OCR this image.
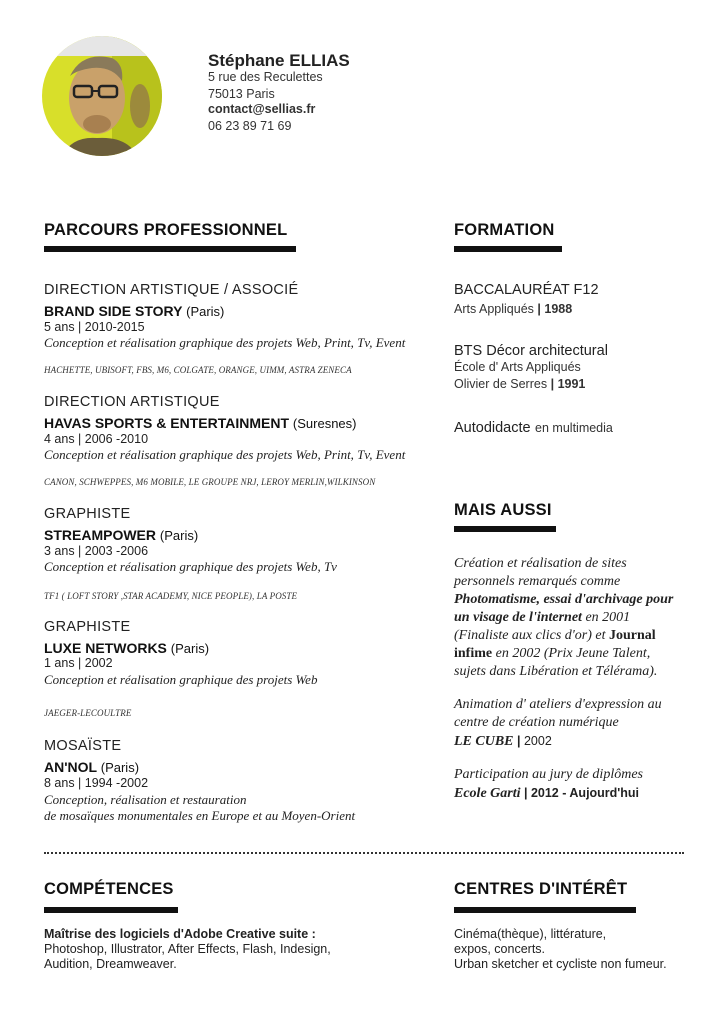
Stéphane ELLIAS
5 rue des Reculettes
75013 Paris
contact@sellias.fr
06 23 89 71 69
PARCOURS PROFESSIONNEL
DIRECTION ARTISTIQUE / ASSOCIÉ
BRAND SIDE STORY (Paris)
5 ans | 2010-2015
Conception et réalisation graphique des projets Web, Print, Tv, Event
HACHETTE, UBISOFT, FBS, M6, COLGATE, ORANGE, UIMM, ASTRA ZENECA
DIRECTION ARTISTIQUE
HAVAS SPORTS & ENTERTAINMENT (Suresnes)
4 ans | 2006 -2010
Conception et réalisation graphique des projets Web, Print, Tv, Event
CANON, SCHWEPPES, M6 MOBILE, LE GROUPE NRJ, LEROY MERLIN,WILKINSON
GRAPHISTE
STREAMPOWER (Paris)
3 ans | 2003 -2006
Conception et réalisation graphique des projets Web, Tv
TF1 ( LOFT STORY ,STAR ACADEMY, NICE PEOPLE), LA POSTE
GRAPHISTE
LUXE NETWORKS (Paris)
1 ans | 2002
Conception et réalisation graphique des projets Web
JAEGER-LECOULTRE
MOSAÏSTE
AN'NOL (Paris)
8 ans | 1994 -2002
Conception, réalisation et restauration
de mosaïques monumentales en Europe et au Moyen-Orient
FORMATION
BACCALAURÉAT F12
Arts Appliqués | 1988
BTS Décor architectural
École d' Arts Appliqués
Olivier de Serres | 1991
Autodidacte en multimedia
MAIS AUSSI
Création et réalisation de sites personnels remarqués comme Photomatisme, essai d'archivage pour un visage de l'internet en 2001 (Finaliste aux clics d'or) et Journal infime en 2002 (Prix Jeune Talent, sujets dans Libération et Télérama).
Animation d' ateliers d'expression au centre de création numérique
LE CUBE | 2002
Participation au jury de diplômes
Ecole Garti | 2012 - Aujourd'hui
COMPÉTENCES
Maîtrise des logiciels d'Adobe Creative suite :
Photoshop, Illustrator, After Effects, Flash, Indesign,
Audition, Dreamweaver.
CENTRES D'INTÉRÊT
Cinéma(thèque), littérature,
expos, concerts.
Urban sketcher et cycliste non fumeur.
